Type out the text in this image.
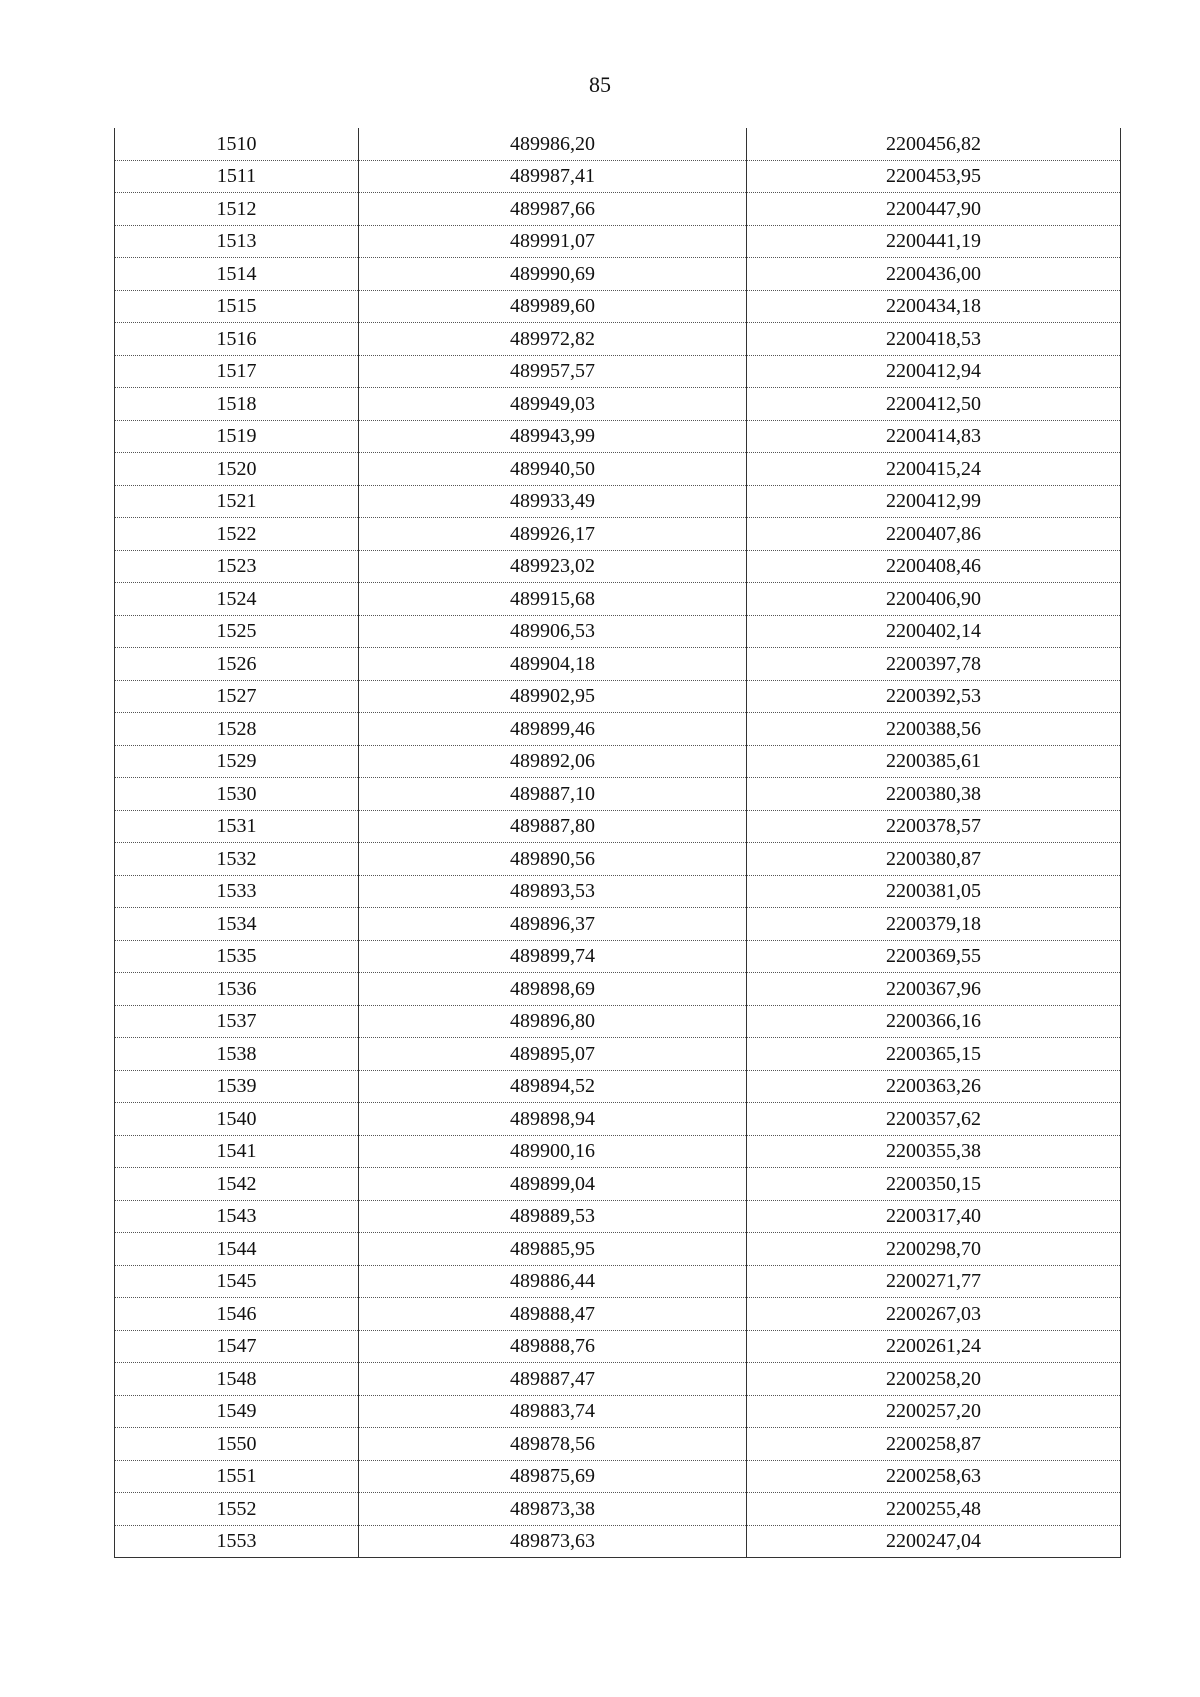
85
1510	489986,20	2200456,82
1511	489987,41	2200453,95
1512	489987,66	2200447,90
1513	489991,07	2200441,19
1514	489990,69	2200436,00
1515	489989,60	2200434,18
1516	489972,82	2200418,53
1517	489957,57	2200412,94
1518	489949,03	2200412,50
1519	489943,99	2200414,83
1520	489940,50	2200415,24
1521	489933,49	2200412,99
1522	489926,17	2200407,86
1523	489923,02	2200408,46
1524	489915,68	2200406,90
1525	489906,53	2200402,14
1526	489904,18	2200397,78
1527	489902,95	2200392,53
1528	489899,46	2200388,56
1529	489892,06	2200385,61
1530	489887,10	2200380,38
1531	489887,80	2200378,57
1532	489890,56	2200380,87
1533	489893,53	2200381,05
1534	489896,37	2200379,18
1535	489899,74	2200369,55
1536	489898,69	2200367,96
1537	489896,80	2200366,16
1538	489895,07	2200365,15
1539	489894,52	2200363,26
1540	489898,94	2200357,62
1541	489900,16	2200355,38
1542	489899,04	2200350,15
1543	489889,53	2200317,40
1544	489885,95	2200298,70
1545	489886,44	2200271,77
1546	489888,47	2200267,03
1547	489888,76	2200261,24
1548	489887,47	2200258,20
1549	489883,74	2200257,20
1550	489878,56	2200258,87
1551	489875,69	2200258,63
1552	489873,38	2200255,48
1553	489873,63	2200247,04
